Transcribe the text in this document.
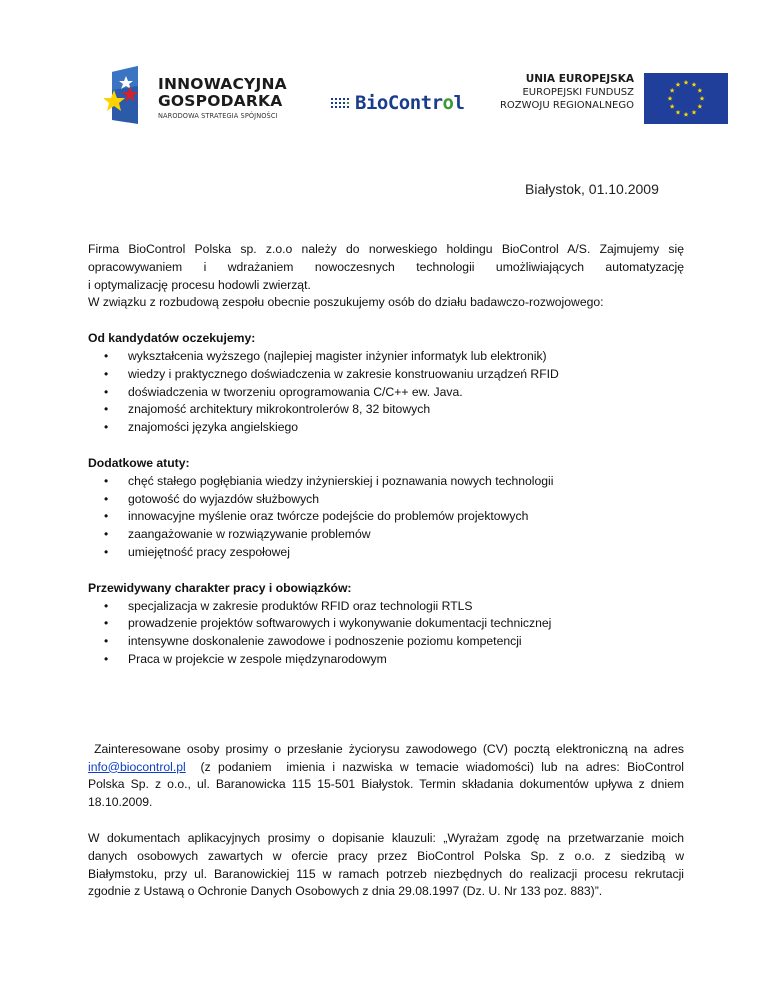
INNOWACYJNA
GOSPODARKA
NARODOWA STRATEGIA SPÓJNOŚCI
BioControl
UNIA EUROPEJSKA
EUROPEJSKI FUNDUSZ
ROZWOJU REGIONALNEGO
Białystok, 01.10.2009

Firma BioControl Polska sp. z.o.o należy do norweskiego holdingu BioControl A/S. Zajmujemy się

opracowywaniem i wdrażaniem nowoczesnych technologii umożliwiających automatyzację

i optymalizację procesu hodowli zwierząt.

W związku z rozbudową zespołu obecnie poszukujemy osób do działu badawczo-rozwojowego:

Od kandydatów oczekujemy:

• wykształcenia wyższego (najlepiej magister inżynier informatyk lub elektronik)
• wiedzy i praktycznego doświadczenia w zakresie konstruowaniu urządzeń RFID
• doświadczenia w tworzeniu oprogramowania C/C++ ew. Java.
• znajomość architektury mikrokontrolerów 8, 32 bitowych
• znajomości języka angielskiego

Dodatkowe atuty:

• chęć stałego pogłębiania wiedzy inżynierskiej i poznawania nowych technologii
• gotowość do wyjazdów służbowych
• innowacyjne myślenie oraz twórcze podejście do problemów projektowych
• zaangażowanie w rozwiązywanie problemów
• umiejętność pracy zespołowej

Przewidywany charakter pracy i obowiązków:

• specjalizacja w zakresie produktów RFID oraz technologii RTLS
• prowadzenie projektów softwarowych i wykonywanie dokumentacji technicznej
• intensywne doskonalenie zawodowe i podnoszenie poziomu kompetencji
• Praca w projekcie w zespole międzynarodowym

Zainteresowane osoby prosimy o przesłanie życiorysu zawodowego (CV) pocztą elektroniczną na adres

info@biocontrol.pl  (z podaniem  imienia i nazwiska w temacie wiadomości) lub na adres: BioControl

Polska Sp. z o.o., ul. Baranowicka 115 15-501 Białystok. Termin składania dokumentów upływa z dniem

18.10.2009.

W dokumentach aplikacyjnych prosimy o dopisanie klauzuli: „Wyrażam zgodę na przetwarzanie moich

danych osobowych zawartych w ofercie pracy przez BioControl Polska Sp. z o.o. z siedzibą w

Białymstoku, przy ul. Baranowickiej 115 w ramach potrzeb niezbędnych do realizacji procesu rekrutacji

zgodnie z Ustawą o Ochronie Danych Osobowych z dnia 29.08.1997 (Dz. U. Nr 133 poz. 883)”.
